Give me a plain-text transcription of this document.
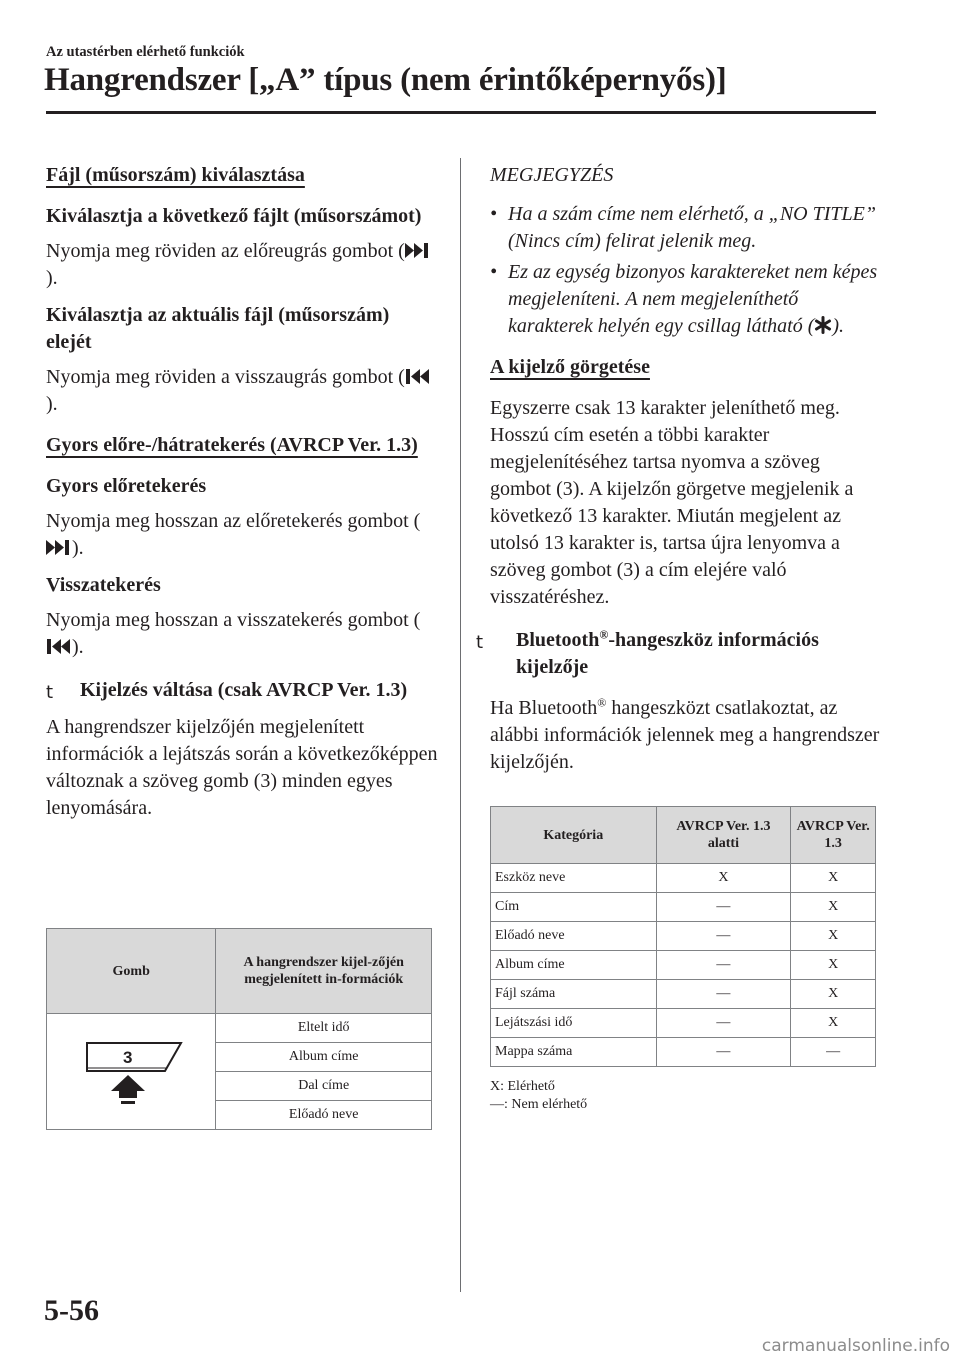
Az utastérben elérhető funkciók
Hangrendszer [„A” típus (nem érintőképernyős)]
Fájl (műsorszám) kiválasztása
Kiválasztja a következő fájlt (műsorszámot)

Nyomja meg röviden az előreugrás gombot ().

Kiválasztja az aktuális fájl (műsorszám) elejét

Nyomja meg röviden a visszaugrás gombot ().

Gyors előre-/hátratekerés (AVRCP Ver. 1.3)
Gyors előretekerés

Nyomja meg hosszan az előretekerés gombot ().

Visszatekerés

Nyomja meg hosszan a visszatekerés gombot ().

t	Kijelzés váltása (csak AVRCP Ver. 1.3)

A hangrendszer kijelzőjén megjelenített információk a lejátszás során a következőképpen változnak a szöveg gomb (3) minden egyes lenyomására.

Gomb	A hangrendszer kijel-zőjén megjelenített in-formációk

3	Eltelt idő
	Album címe
	Dal címe
	Előadó neve
MEGJEGYZÉS
• Ha a szám címe nem elérhető, a „NO TITLE” (Nincs cím) felirat jelenik meg.
• Ez az egység bizonyos karaktereket nem képes megjeleníteni. A nem megjeleníthető karakterek helyén egy csillag látható ( ).
A kijelző görgetése

Egyszerre csak 13 karakter jeleníthető meg. Hosszú cím esetén a többi karakter megjelenítéséhez tartsa nyomva a szöveg gombot (3). A kijelzőn görgetve megjelenik a következő 13 karakter. Miután megjelent az utolsó 13 karakter is, tartsa újra lenyomva a szöveg gombot (3) a cím elejére való visszatéréshez.

t	Bluetooth®-hangeszköz információs kijelzője

Ha Bluetooth® hangeszközt csatlakoztat, az alábbi információk jelennek meg a hangrendszer kijelzőjén.

Kategória	AVRCP Ver. 1.3 alatti	AVRCP Ver. 1.3
Eszköz neve	X	X
Cím	—	X
Előadó neve	—	X
Album címe	—	X
Fájl száma	—	X
Lejátszási idő	—	X
Mappa száma	—	—
X: Elérhető
—: Nem elérhető
5-56
carmanualsonline.info
